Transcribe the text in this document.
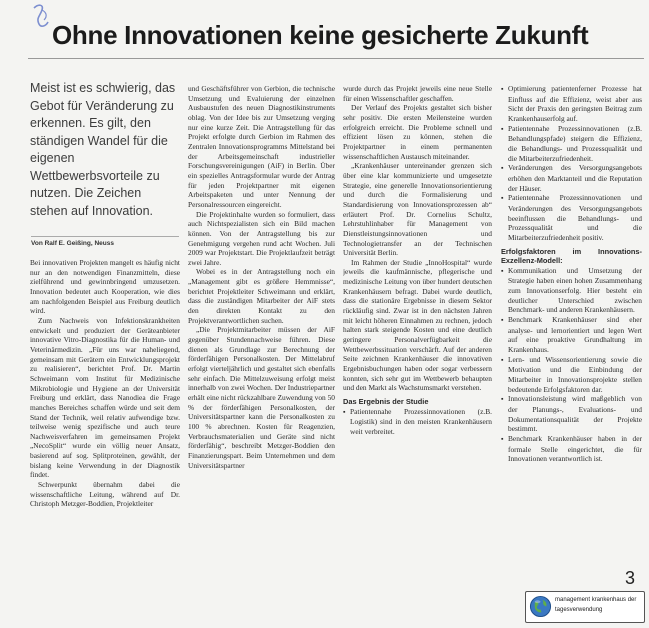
Ohne Innovationen keine gesicherte Zukunft
Meist ist es schwierig, das Gebot für Veränderung zu erkennen. Es gilt, den ständigen Wandel für die eigenen Wettbewerbsvorteile zu nutzen. Die Zeichen stehen auf Innovation.
Von Ralf E. Geißing, Neuss

Bei innovativen Projekten mangelt es häufig nicht nur an den notwendigen Finanzmitteln, diese zielführend und gewinnbringend umzusetzen. Innovation bedeutet auch Kooperation, wie dies am nachfolgenden Beispiel aus Freiburg deutlich wird.

Zum Nachweis von Infektionskrankheiten entwickelt und produziert der Geräteanbieter innovative Vitro-Diagnostika für die Human- und Veterinärmedizin. „Für uns war naheliegend, gemeinsam mit Gerätern ein Entwicklungsprojekt zu realisieren“, berichtet Prof. Dr. Martin Schweimann vom Institut für Medizinische Mikrobiologie und Hygiene an der Universität Freiburg und erklärt, dass Nanodiea die Frage manches Bereiches schaffen würde und seit dem Stand der Technik, weil relativ aufwendige bzw. teilweise wenig spezifische und auch teure Nachweisverfahren im gemeinsamen Projekt „NecoSplit“ wurde ein völlig neuer Ansatz, basierend auf sog. Splitproteinen, gewählt, der bislang keine Verwendung in der Diagnostik findet.

Schwerpunkt übernahm dabei die wissenschaftliche Leitung, während auf Dr. Christoph Metzger-Boddien, Projektleiter

und Geschäftsführer von Gerbion, die technische Umsetzung und Evaluierung der einzelnen Ausbaustufen des neuen Diagnostikinstruments oblag. Von der Idee bis zur Umsetzung verging nur eine kurze Zeit. Die Antragstellung für das Projekt erfolgte durch Gerbion im Rahmen des Zentralen Innovationsprogramms Mittelstand bei der Arbeitsgemeinschaft industrieller Forschungsvereinigungen (AiF) in Berlin. Über ein spezielles Antragsformular wurde der Antrag für jeden Projektpartner mit eigenen Arbeitspaketen und unter Nennung der Personalressourcen eingereicht.

Die Projektinhalte wurden so formuliert, dass auch Nichtspezialisten sich ein Bild machen können. Von der Antragstellung bis zur Genehmigung vergehen rund acht Wochen. Juli 2009 war Projektstart. Die Projektlaufzeit beträgt zwei Jahre.

Wobei es in der Antragstellung noch ein „Management gibt es größere Hemmnisse“, berichtet Projektleiter Schweimann und erklärt, dass die zuständigen Mitarbeiter der AiF stets den direkten Kontakt zu den Projektverantwortlichen suchen.

„Die Projektmitarbeiter müssen der AiF gegenüber Stundennachweise führen. Diese dienen als Grundlage zur Berechnung der förderfähigen Personalkosten. Der Mittelabruf erfolgt vierteljährlich und gestaltet sich ebenfalls sehr einfach. Die Mittelzuweisung erfolgt meist innerhalb von zwei Wochen. Der Industriepartner erhält eine nicht rückzahlbare Zuwendung von 50 % der förderfähigen Personalkosten, der Universitätspartner kann die Personalkosten zu 100 % abrechnen. Kosten für Reagenzien, Verbrauchsmaterialien und Geräte sind nicht förderfähig“, beschreibt Metzger-Boddien den Finanzierungspart. Beim Unternehmen und dem Universitätspartner

wurde durch das Projekt jeweils eine neue Stelle für einen Wissenschaftler geschaffen.

Der Verlauf des Projekts gestaltet sich bisher sehr positiv. Die ersten Meilensteine wurden erfolgreich erreicht. Die Probleme schnell und effizient lösen zu können, stehen die Projektpartner in einem permanenten wissenschaftlichen Austausch miteinander.

„Krankenhäuser untereinander grenzen sich über eine klar kommunizierte und umgesetzte Strategie, eine generelle Innovationsorientierung und durch die Formalisierung und Standardisierung von Innovationsprozessen ab“ erläutert Prof. Dr. Cornelius Schultz, Lehrstuhlinhaber für Management von Dienstleistungsinnovationen und Technologietransfer an der Technischen Universität Berlin.

Im Rahmen der Studie „InnoHospital“ wurde jeweils die kaufmännische, pflegerische und medizinische Leitung von über hundert deutschen Krankenhäusern befragt. Dabei wurde deutlich, dass die stationäre Ergebnisse in diesem Sektor rückläufig sind. Zwar ist in den nächsten Jahren mit leicht höheren Einnahmen zu rechnen, jedoch halten stark steigende Kosten und eine deutlich geringere Personalverfügbarkeit die Wettbewerbssituation verschärft. Auf der anderen Seite zeichnen Krankenhäuser die innovativen Ergebnisbuchungen haben oder sogar verbessern konnten, sich sehr gut im Wettbewerb behaupten und den Markt als Wachstumsmarkt verstehen.

Das Ergebnis der Studie
▪ Patientennahe Prozessinnovationen (z.B. Logistik) sind in den meisten Krankenhäusern weit verbreitet.
▪ Optimierung patientenferner Prozesse hat Einfluss auf die Effizienz, weist aber aus Sicht der Praxis den geringsten Beitrag zum Krankenhauserfolg auf.
▪ Patientennahe Prozessinnovationen (z.B. Behandlungspfade) steigern die Effizienz, die Behandlungs- und Prozessqualität und die Mitarbeiterzufriedenheit.
▪ Veränderungen des Versorgungsangebots erhöhen den Marktanteil und die Reputation der Häuser.
▪ Patientennahe Prozessinnovationen und Veränderungen des Versorgungsangebots beeinflussen die Behandlungs- und Prozessqualität und die Mitarbeiterzufriedenheit positiv.
Erfolgsfaktoren im Innovations-Exzellenz-Modell:
▪ Kommunikation und Umsetzung der Strategie haben einen hohen Zusammenhang zum Innovationserfolg. Hier besteht ein deutlicher Unterschied zwischen Benchmark- und anderen Krankenhäusern.
▪ Benchmark Krankenhäuser sind eher analyse- und lernorientiert und legen Wert auf eine proaktive Grundhaltung im Krankenhaus.
▪ Lern- und Wissensorientierung sowie die Motivation und die Einbindung der Mitarbeiter in Innovationsprojekte stellen bedeutende Erfolgsfaktoren dar.
▪ Innovationsleistung wird maßgeblich von der Planungs-, Evaluations- und Dokumentationsqualität der Projekte bestimmt.
▪ Benchmark Krankenhäuser haben in der formale Stelle eingerichtet, die für Innovationen verantwortlich ist.
3
management krankenhaus der
tagesverwendung
